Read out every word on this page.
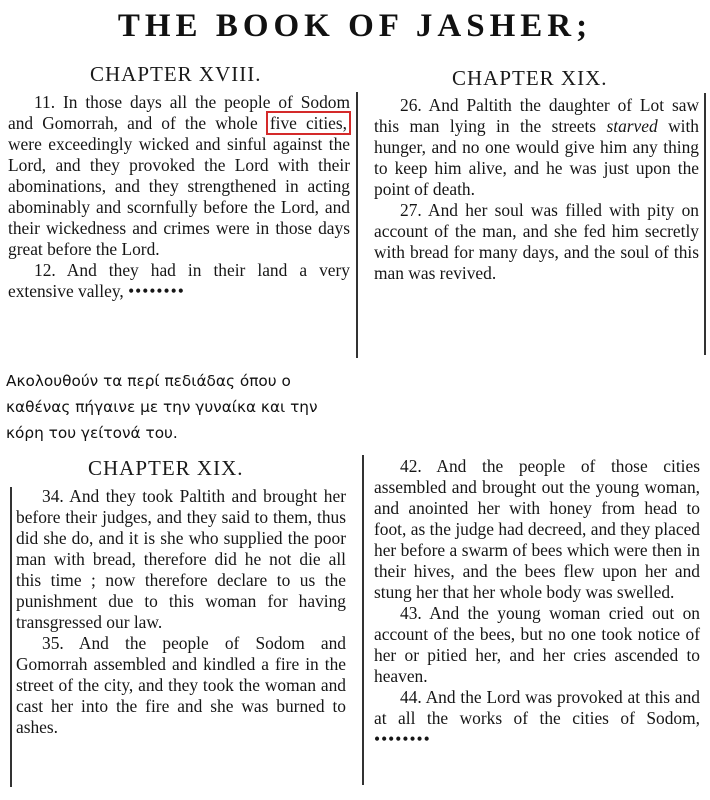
THE BOOK OF JASHER;
CHAPTER XVIII.

11. In those days all the people of Sodom and Gomorrah, and of the whole five cities, were exceedingly wicked and sinful against the Lord, and they provoked the Lord with their abominations, and they strengthened in acting abominably and scornfully before the Lord, and their wickedness and crimes were in those days great before the Lord.

12. And they had in their land a very extensive valley, ••••••••

CHAPTER XIX.

26. And Paltith the daughter of Lot saw this man lying in the streets starved with hunger, and no one would give him any thing to keep him alive, and he was just upon the point of death.

27. And her soul was filled with pity on account of the man, and she fed him secretly with bread for many days, and the soul of this man was revived.

Ακολουθούν τα περί πεδιάδας όπου ο καθένας πήγαινε με την γυναίκα και την κόρη του γείτονά του.
CHAPTER XIX.

34. And they took Paltith and brought her before their judges, and they said to them, thus did she do, and it is she who supplied the poor man with bread, therefore did he not die all this time ; now therefore declare to us the punishment due to this woman for having transgressed our law.

35. And the people of Sodom and Gomorrah assembled and kindled a fire in the street of the city, and they took the woman and cast her into the fire and she was burned to ashes.

42. And the people of those cities assembled and brought out the young woman, and anointed her with honey from head to foot, as the judge had decreed, and they placed her before a swarm of bees which were then in their hives, and the bees flew upon her and stung her that her whole body was swelled.

43. And the young woman cried out on account of the bees, but no one took notice of her or pitied her, and her cries ascended to heaven.

44. And the Lord was provoked at this and at all the works of the cities of Sodom, ••••••••
